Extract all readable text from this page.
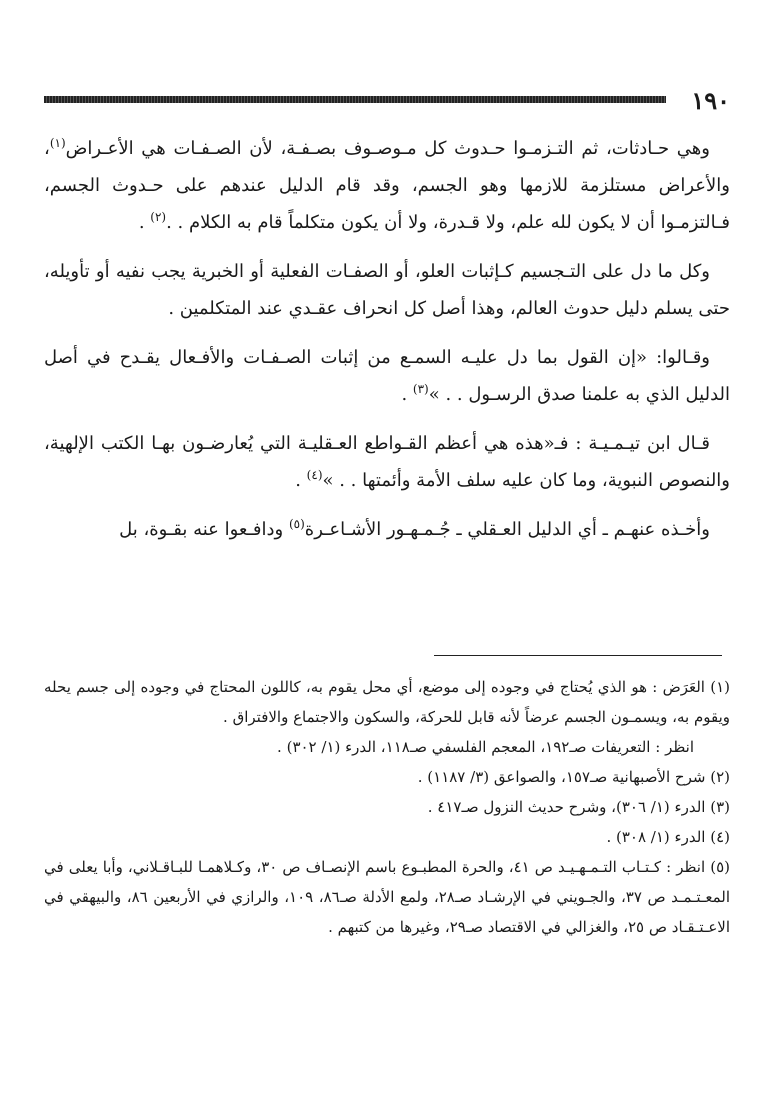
١٩٠

وهي حـادثات، ثم التـزمـوا حـدوث كل مـوصـوف بصـفـة، لأن الصـفـات هي الأعـراض$^{(١)}$، والأعراض مستلزمة للازمها وهو الجسم، وقد قام الدليل عندهم على حـدوث الجسم، فـالتزمـوا أن لا يكون لله علم، ولا قـدرة، ولا أن يكون متكلماً قام به الكلام . .$^{(٢)}$ .

وكل ما دل على التـجسيم كـإثبات العلو، أو الصفـات الفعلية أو الخبرية يجب نفيه أو تأويله، حتى يسلم دليل حدوث العالم، وهذا أصل كل انحراف عقـدي عند المتكلمين .

وقـالوا: «إن القول بما دل عليـه السمـع من إثبات الصـفـات والأفـعال يقـدح في أصل الدليل الذي به علمنا صدق الرسـول . . »$^{(٣)}$ .

قـال ابن تيـمـيـة : فـ«هذه هي أعظم القـواطع العـقليـة التي يُعارضـون بهـا الكتب الإلهية، والنصوص النبوية، وما كان عليه سلف الأمة وأئمتها . . »$^{(٤)}$ .

وأخـذه عنهـم ـ أي الدليل العـقلي ـ جُـمـهـور الأشـاعـرة$^{(٥)}$ ودافـعوا عنه بقـوة، بل

(١) العَرَض : هو الذي يُحتاج في وجوده إلى موضع، أي محل يقوم به، كاللون المحتاج في وجوده إلى جسم يحله ويقوم به، ويسمـون الجسم عرضاً لأنه قابل للحركة، والسكون والاجتماع والافتراق .

انظر : التعريفات صـ١٩٢، المعجم الفلسفي صـ١١٨، الدرء (١/ ٣٠٢) .

(٢) شرح الأصبهانية صـ١٥٧، والصواعق (٣/ ١١٨٧) .

(٣) الدرء (١/ ٣٠٦)، وشرح حديث النزول صـ٤١٧ .

(٤) الدرء (١/ ٣٠٨) .

(٥) انظر : كـتـاب التـمـهـيـد ص ٤١، والحرة المطبـوع باسم الإنصـاف ص ٣٠، وكـلاهمـا للبـاقـلاني، وأبا يعلى في المعـتـمـد ص ٣٧، والجـويني في الإرشـاد صـ٢٨، ولمع الأدلة صـ٨٦، ١٠٩، والرازي في الأربعين ٨٦، والبيهقي في الاعـتـقـاد ص ٢٥، والغزالي في الاقتصاد صـ٢٩، وغيرها من كتبهم .
